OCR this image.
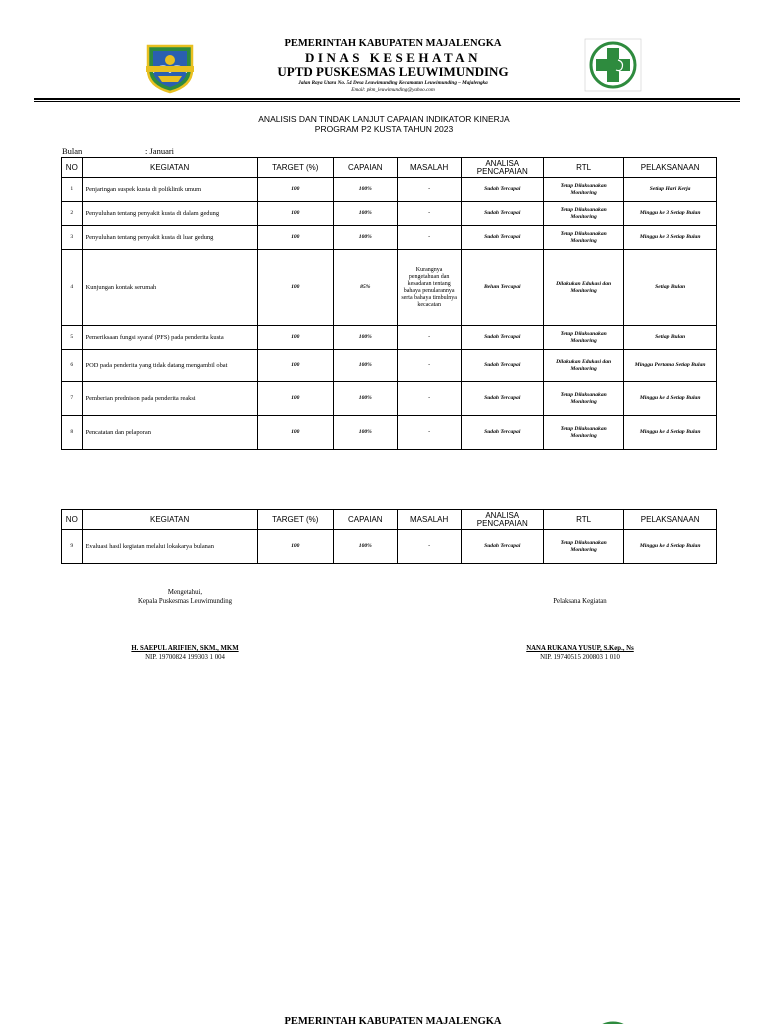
PEMERINTAH KABUPATEN MAJALENGKA
DINAS KESEHATAN
UPTD PUSKESMAS LEUWIMUNDING
Jalan Raya Utara No. 54 Desa Leuwimunding Kecamatan Leuwimunding – Majalengka
Email: pkm_leuwimunding@yahoo.com
ANALISIS DAN TINDAK LANJUT CAPAIAN INDIKATOR KINERJA
PROGRAM P2 KUSTA TAHUN 2023
Bulan	: Januari
NO	KEGIATAN	TARGET (%)	CAPAIAN	MASALAH	ANALISA PENCAPAIAN	RTL	PELAKSANAAN
1	Penjaringan suspek kusta di poliklinik umum	100	100%	-	Sudah Tercapai	Tetap Dilaksanakan Monitoring	Setiap Hari Kerja
2	Penyuluhan tentang penyakit kusta di dalam gedung	100	100%	-	Sudah Tercapai	Tetap Dilaksanakan Monitoring	Minggu ke 3 Setiap Bulan
3	Penyuluhan tentang penyakit kusta di luar gedung	100	100%	-	Sudah Tercapai	Tetap Dilaksanakan Monitoring	Minggu ke 3 Setiap Bulan
4	Kunjungan kontak serumah	100	85%	Kurangnya pengetahuan dan kesadaran tentang bahaya penularannya serta bahaya timbulnya kecacatan	Belum Tercapai	Dilakukan Edukasi dan Monitoring	Setiap Bulan
5	Pemeriksaan fungsi syaraf (PFS) pada penderita kusta	100	100%	-	Sudah Tercapai	Tetap Dilaksanakan Monitoring	Setiap Bulan
6	POD pada penderita yang tidak datang mengambil obat	100	100%	-	Sudah Tercapai	Dilakukan Edukasi dan Monitoring	Minggu Pertama Setiap Bulan
7	Pemberian prednison pada penderita reaksi	100	100%	-	Sudah Tercapai	Tetap Dilaksanakan Monitoring	Minggu ke 4 Setiap Bulan
8	Pencatatan dan pelaporan	100	100%	-	Sudah Tercapai	Tetap Dilaksanakan Monitoring	Minggu ke 4 Setiap Bulan
NO	KEGIATAN	TARGET (%)	CAPAIAN	MASALAH	ANALISA PENCAPAIAN	RTL	PELAKSANAAN
9	Evaluasi hasil kegiatan melalui lokakarya bulanan	100	100%	-	Sudah Tercapai	Tetap Dilaksanakan Monitoring	Minggu ke 4 Setiap Bulan
Mengetahui,
Kepala Puskesmas Leuwimunding
H. SAEPUL ARIFIEN, SKM., MKM
NIP. 19700824 199303 1 004
Pelaksana Kegiatan
NANA RUKANA YUSUP, S.Kep., Ns
NIP. 19740515 200803 1 010
PEMERINTAH KABUPATEN MAJALENGKA
